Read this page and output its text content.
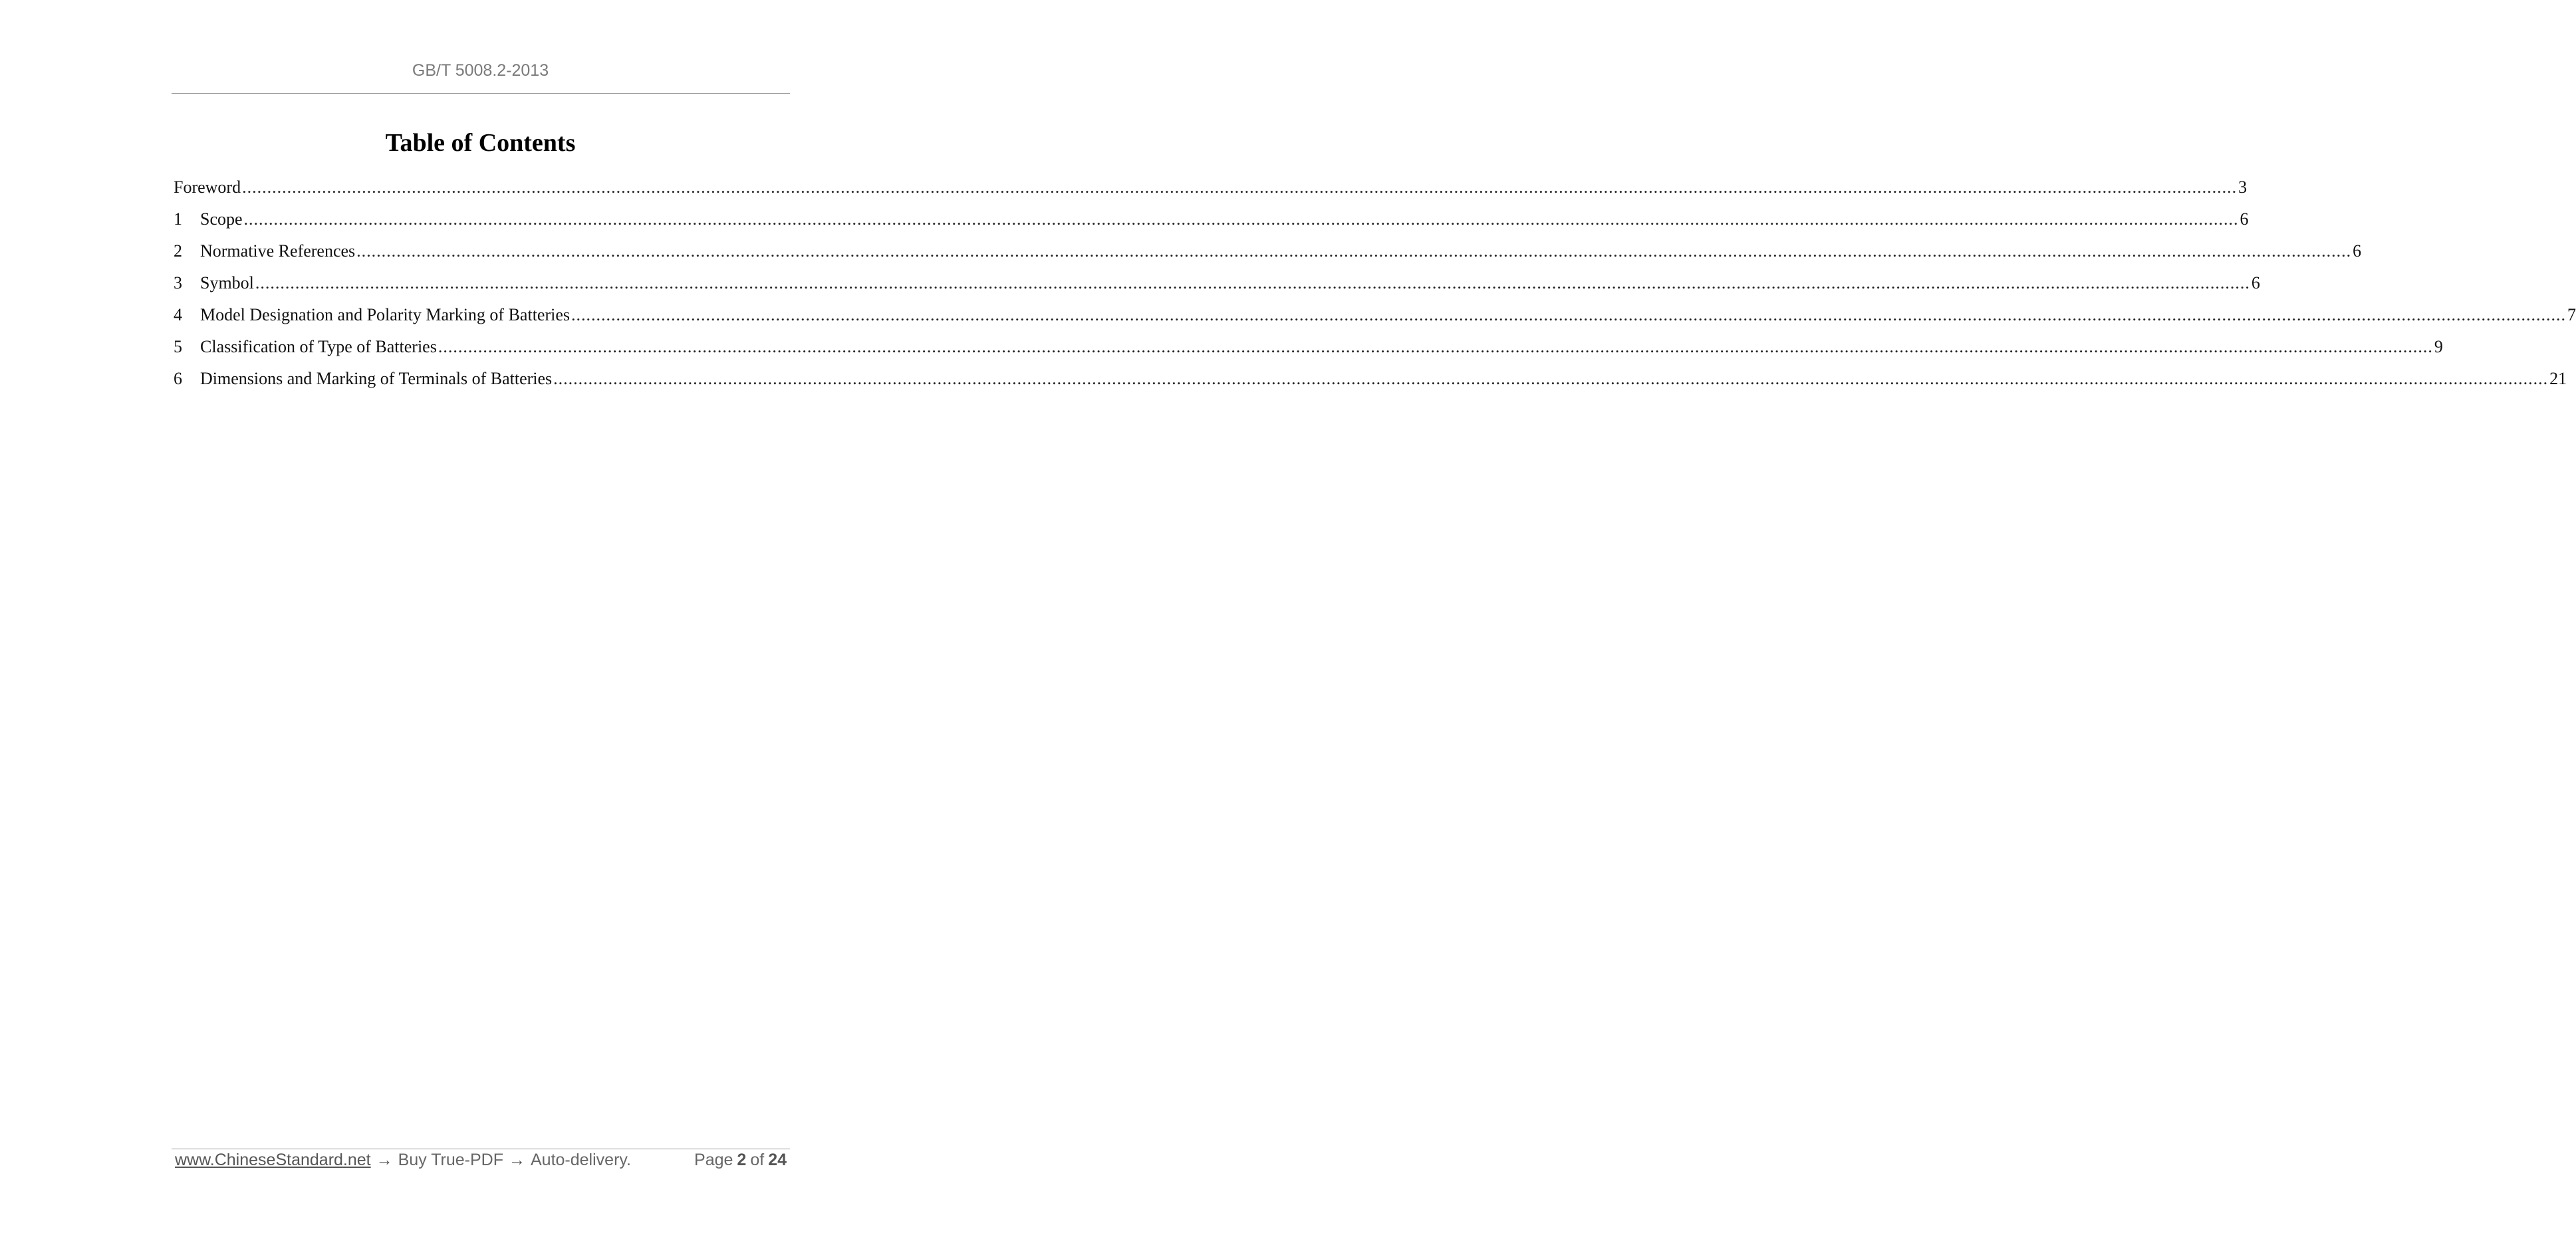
GB/T 5008.2-2013
Table of Contents
Foreword ................................................................................................................................................................................................................................................................................................................................................................................................................ 3
1	Scope ................................................................................................................................................................................................................................................................................................................................................................................................................ 6
2	Normative References ................................................................................................................................................................................................................................................................................................................................................................................................................ 6
3	Symbol ................................................................................................................................................................................................................................................................................................................................................................................................................ 6
4	Model Designation and Polarity Marking of Batteries ................................................................................................................................................................................................................................................................................................................................................................................................................ 7
5	Classification of Type of Batteries ................................................................................................................................................................................................................................................................................................................................................................................................................ 9
6	Dimensions and Marking of Terminals of Batteries ................................................................................................................................................................................................................................................................................................................................................................................................................ 21
www.ChineseStandard.net → Buy True-PDF → Auto-delivery.	Page 2 of 24
